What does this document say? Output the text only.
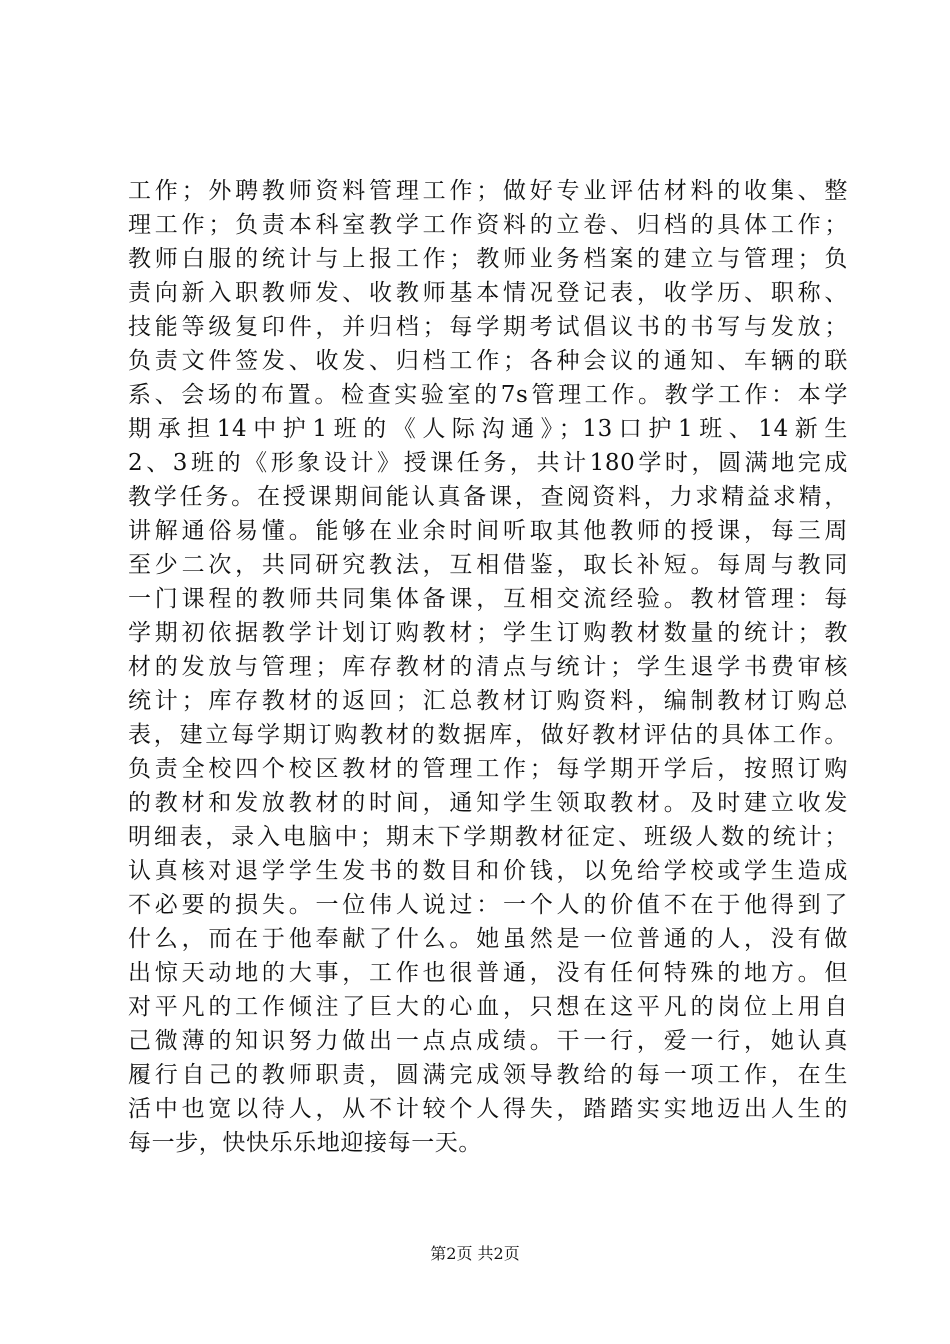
工作；外聘教师资料管理工作；做好专业评估材料的收集、整
理工作；负责本科室教学工作资料的立卷、归档的具体工作；
教师白服的统计与上报工作；教师业务档案的建立与管理；负
责向新入职教师发、收教师基本情况登记表，收学历、职称、
技能等级复印件，并归档；每学期考试倡议书的书写与发放；
负责文件签发、收发、归档工作；各种会议的通知、车辆的联
系、会场的布置。检查实验室的7s管理工作。教学工作：本学
期承担14中护1班的《人际沟通》；13口护1班、14新生
2、3班的《形象设计》授课任务，共计180学时，圆满地完成
教学任务。在授课期间能认真备课，查阅资料，力求精益求精，
讲解通俗易懂。能够在业余时间听取其他教师的授课，每三周
至少二次，共同研究教法，互相借鉴，取长补短。每周与教同
一门课程的教师共同集体备课，互相交流经验。教材管理：每
学期初依据教学计划订购教材；学生订购教材数量的统计；教
材的发放与管理；库存教材的清点与统计；学生退学书费审核
统计；库存教材的返回；汇总教材订购资料，编制教材订购总
表，建立每学期订购教材的数据库，做好教材评估的具体工作。
负责全校四个校区教材的管理工作；每学期开学后，按照订购
的教材和发放教材的时间，通知学生领取教材。及时建立收发
明细表，录入电脑中；期末下学期教材征定、班级人数的统计；
认真核对退学学生发书的数目和价钱，以免给学校或学生造成
不必要的损失。一位伟人说过：一个人的价值不在于他得到了
什么，而在于他奉献了什么。她虽然是一位普通的人，没有做
出惊天动地的大事，工作也很普通，没有任何特殊的地方。但
对平凡的工作倾注了巨大的心血，只想在这平凡的岗位上用自
己微薄的知识努力做出一点点成绩。干一行，爱一行，她认真
履行自己的教师职责，圆满完成领导教给的每一项工作，在生
活中也宽以待人，从不计较个人得失，踏踏实实地迈出人生的
每一步，快快乐乐地迎接每一天。
第2页 共2页
